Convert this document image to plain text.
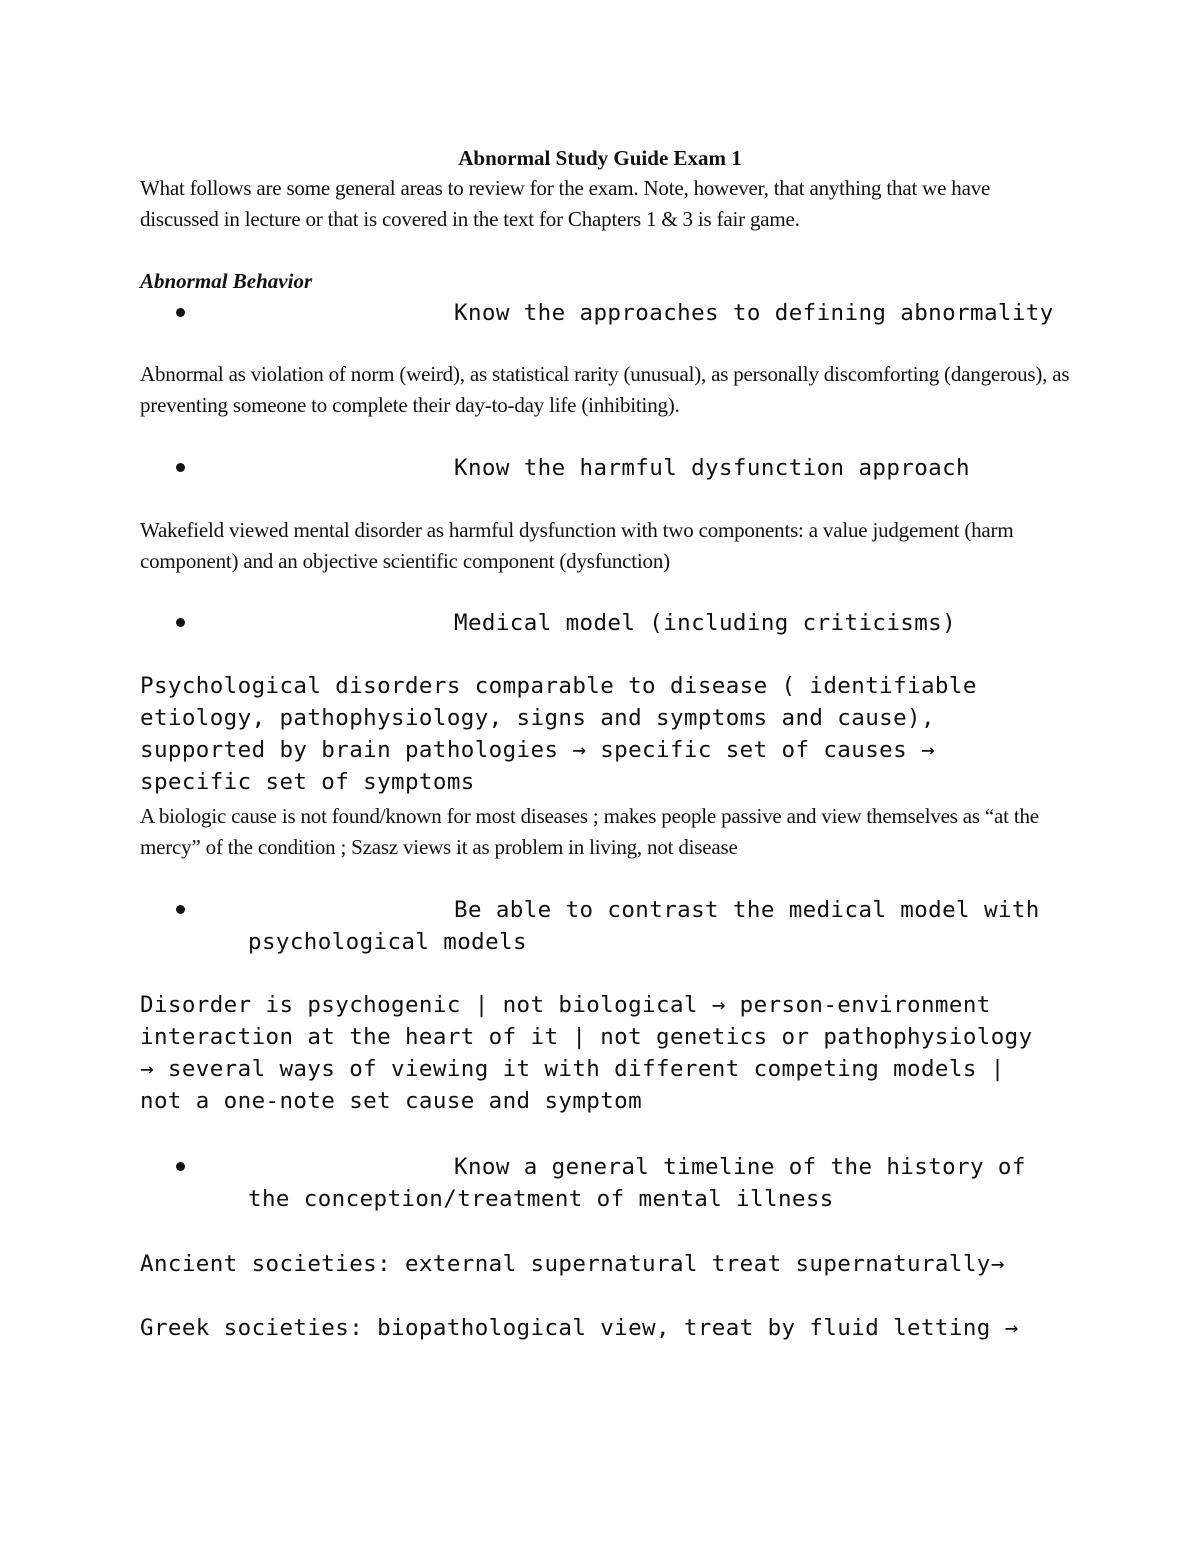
Abnormal Study Guide Exam 1
What follows are some general areas to review for the exam. Note, however, that anything that we have discussed in lecture or that is covered in the text for Chapters 1 & 3 is fair game.
Abnormal Behavior
Know the approaches to defining abnormality
Abnormal as violation of norm (weird), as statistical rarity (unusual), as personally discomforting (dangerous), as preventing someone to complete their day-to-day life (inhibiting).
Know the harmful dysfunction approach
Wakefield viewed mental disorder as harmful dysfunction with two components: a value judgement (harm component) and an objective scientific component (dysfunction)
Medical model (including criticisms)
Psychological disorders comparable to disease ( identifiable etiology, pathophysiology, signs and symptoms and cause), supported by brain pathologies → specific set of causes → specific set of symptoms
A biologic cause is not found/known for most diseases ; makes people passive and view themselves as “at the mercy” of the condition ; Szasz views it as problem in living, not disease
Be able to contrast the medical model with psychological models
Disorder is psychogenic | not biological → person-environment interaction at the heart of it | not genetics or pathophysiology → several ways of viewing it with different competing models | not a one-note set cause and symptom
Know a general timeline of the history of the conception/treatment of mental illness
Ancient societies: external supernatural treat supernaturally→
Greek societies: biopathological view, treat by fluid letting →
